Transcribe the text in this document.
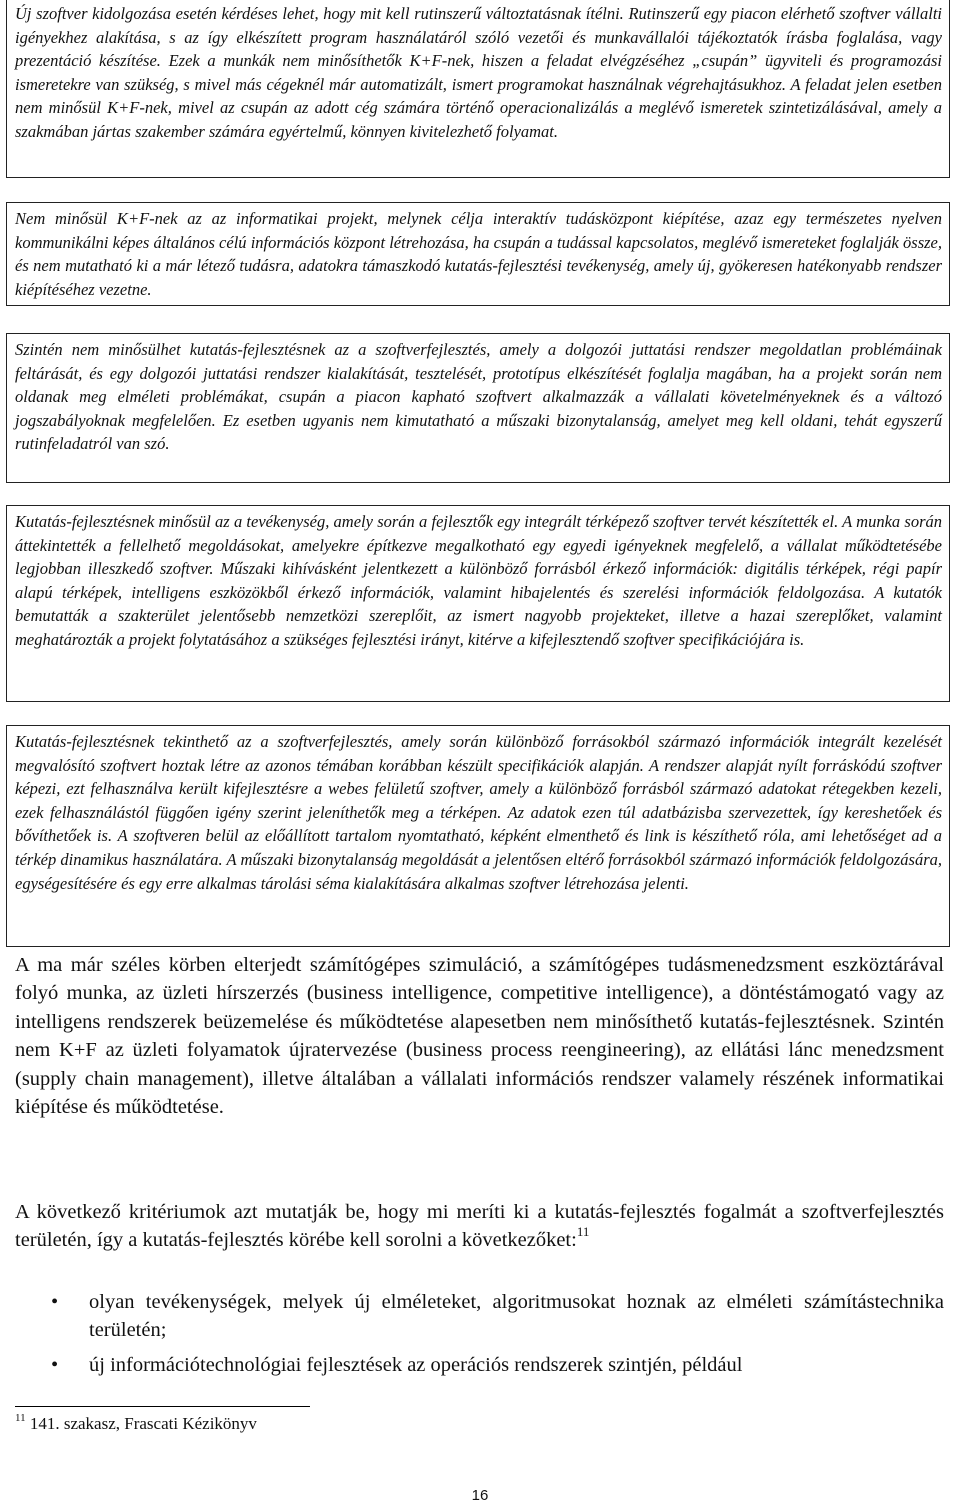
Új szoftver kidolgozása esetén kérdéses lehet, hogy mit kell rutinszerű változtatásnak ítélni. Rutinszerű egy piacon elérhető szoftver vállalti igényekhez alakítása, s az így elkészített program használatáról szóló vezetői és munkavállalói tájékoztatók írásba foglalása, vagy prezentáció készítése. Ezek a munkák nem minősíthetők K+F-nek, hiszen a feladat elvégzéséhez „csupán” ügyviteli és programozási ismeretekre van szükség, s mivel más cégeknél már automatizált, ismert programokat használnak végrehajtásukhoz. A feladat jelen esetben nem minősül K+F-nek, mivel az csupán az adott cég számára történő operacionalizálás a meglévő ismeretek szintetizálásával, amely a szakmában jártas szakember számára egyértelmű, könnyen kivitelezhető folyamat.
Nem minősül K+F-nek az az informatikai projekt, melynek célja interaktív tudásközpont kiépítése, azaz egy természetes nyelven kommunikálni képes általános célú információs központ létrehozása, ha csupán a tudással kapcsolatos, meglévő ismereteket foglalják össze, és nem mutatható ki a már létező tudásra, adatokra támaszkodó kutatás-fejlesztési tevékenység, amely új, gyökeresen hatékonyabb rendszer kiépítéséhez vezetne.
Szintén nem minősülhet kutatás-fejlesztésnek az a szoftverfejlesztés, amely a dolgozói juttatási rendszer megoldatlan problémáinak feltárását, és egy dolgozói juttatási rendszer kialakítását, tesztelését, prototípus elkészítését foglalja magában, ha a projekt során nem oldanak meg elméleti problémákat, csupán a piacon kapható szoftvert alkalmazzák a vállalati követelményeknek és a változó jogszabályoknak megfelelően. Ez esetben ugyanis nem kimutatható a műszaki bizonytalanság, amelyet meg kell oldani, tehát egyszerű rutinfeladatról van szó.
Kutatás-fejlesztésnek minősül az a tevékenység, amely során a fejlesztők egy integrált térképező szoftver tervét készítették el. A munka során áttekintették a fellelhető megoldásokat, amelyekre építkezve megalkotható egy egyedi igényeknek megfelelő, a vállalat működtetésébe legjobban illeszkedő szoftver. Műszaki kihívásként jelentkezett a különböző forrásból érkező információk: digitális térképek, régi papír alapú térképek, intelligens eszközökből érkező információk, valamint hibajelentés és szerelési információk feldolgozása. A kutatók bemutatták a szakterület jelentősebb nemzetközi szereplőit, az ismert nagyobb projekteket, illetve a hazai szereplőket, valamint meghatározták a projekt folytatásához a szükséges fejlesztési irányt, kitérve a kifejlesztendő szoftver specifikációjára is.
Kutatás-fejlesztésnek tekinthető az a szoftverfejlesztés, amely során különböző forrásokból származó információk integrált kezelését megvalósító szoftvert hoztak létre az azonos témában korábban készült specifikációk alapján. A rendszer alapját nyílt forráskódú szoftver képezi, ezt felhasználva került kifejlesztésre a webes felületű szoftver, amely a különböző forrásból származó adatokat rétegekben kezeli, ezek felhasználástól függően igény szerint jeleníthetők meg a térképen. Az adatok ezen túl adatbázisba szervezettek, így kereshetőek és bővíthetőek is. A szoftveren belül az előállított tartalom nyomtatható, képként elmenthető és link is készíthető róla, ami lehetőséget ad a térkép dinamikus használatára. A műszaki bizonytalanság megoldását a jelentősen eltérő forrásokból származó információk feldolgozására, egységesítésére és egy erre alkalmas tárolási séma kialakítására alkalmas szoftver létrehozása jelenti.

A ma már széles körben elterjedt számítógépes szimuláció, a számítógépes tudásmenedzsment eszköztárával folyó munka, az üzleti hírszerzés (business intelligence, competitive intelligence), a döntéstámogató vagy az intelligens rendszerek beüzemelése és működtetése alapesetben nem minősíthető kutatás-fejlesztésnek. Szintén nem K+F az üzleti folyamatok újratervezése (business process reengineering), az ellátási lánc menedzsment (supply chain management), illetve általában a vállalati információs rendszer valamely részének informatikai kiépítése és működtetése.

A következő kritériumok azt mutatják be, hogy mi meríti ki a kutatás-fejlesztés fogalmát a szoftverfejlesztés területén, így a kutatás-fejlesztés körébe kell sorolni a következőket:$^{11}$

• olyan tevékenységek, melyek új elméleteket, algoritmusokat hoznak az elméleti számítástechnika területén;
• új információtechnológiai fejlesztések az operációs rendszerek szintjén, például
$^{11}$ 141. szakasz, Frascati Kézikönyv
16
